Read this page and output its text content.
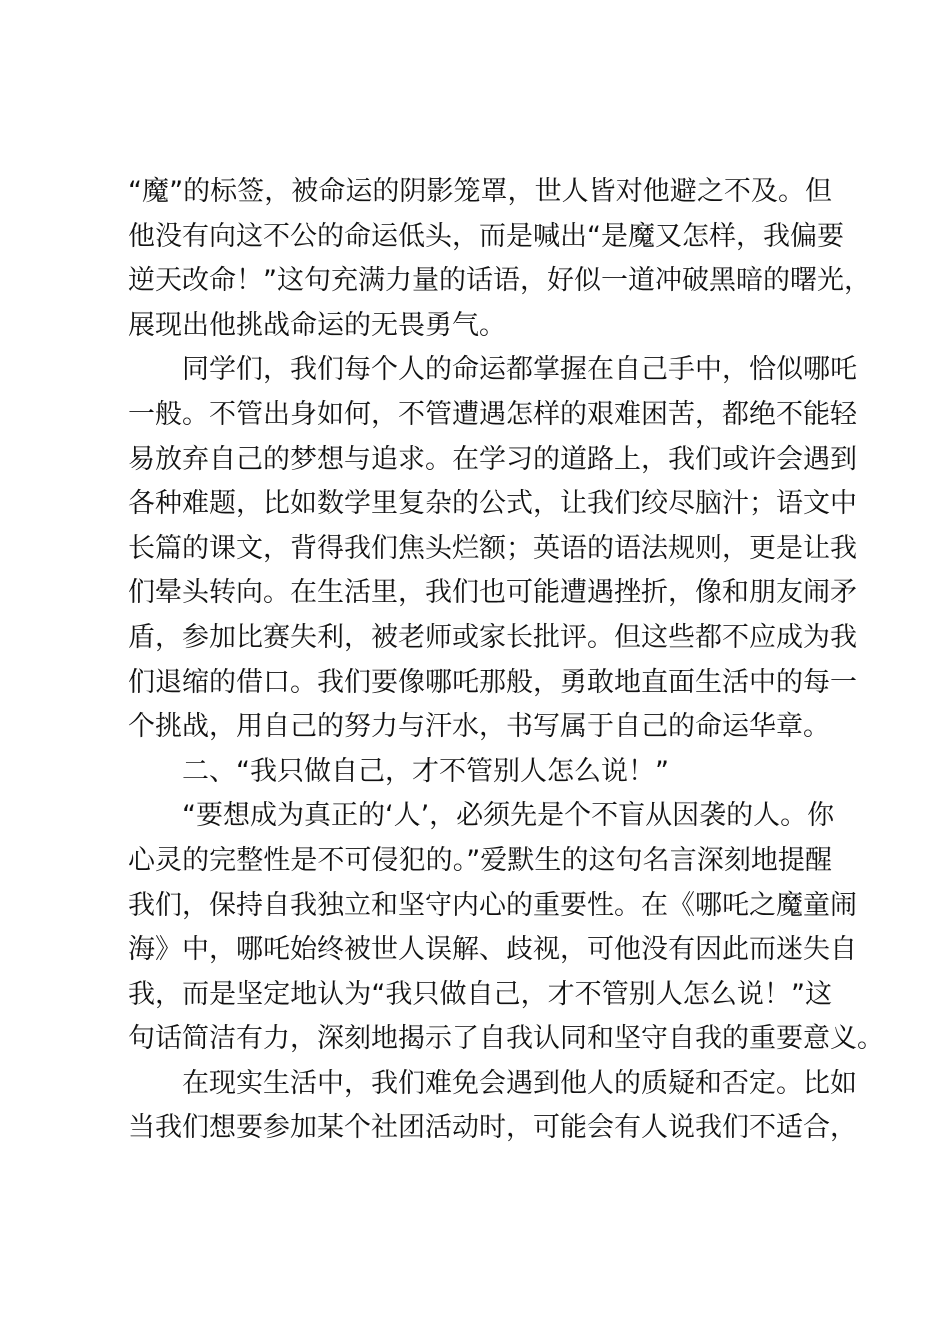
“魔”的标签，被命运的阴影笼罩，世人皆对他避之不及。但
他没有向这不公的命运低头，而是喊出“是魔又怎样，我偏要
逆天改命！”这句充满力量的话语，好似一道冲破黑暗的曙光，
展现出他挑战命运的无畏勇气。
　　同学们，我们每个人的命运都掌握在自己手中，恰似哪吒
一般。不管出身如何，不管遭遇怎样的艰难困苦，都绝不能轻
易放弃自己的梦想与追求。在学习的道路上，我们或许会遇到
各种难题，比如数学里复杂的公式，让我们绞尽脑汁；语文中
长篇的课文，背得我们焦头烂额；英语的语法规则，更是让我
们晕头转向。在生活里，我们也可能遭遇挫折，像和朋友闹矛
盾，参加比赛失利，被老师或家长批评。但这些都不应成为我
们退缩的借口。我们要像哪吒那般，勇敢地直面生活中的每一
个挑战，用自己的努力与汗水，书写属于自己的命运华章。
　　二、“我只做自己，才不管别人怎么说！”
　　“要想成为真正的‘人’，必须先是个不盲从因袭的人。你
心灵的完整性是不可侵犯的。”爱默生的这句名言深刻地提醒
我们，保持自我独立和坚守内心的重要性。在《哪吒之魔童闹
海》中，哪吒始终被世人误解、歧视，可他没有因此而迷失自
我，而是坚定地认为“我只做自己，才不管别人怎么说！”这
句话简洁有力，深刻地揭示了自我认同和坚守自我的重要意义。
　　在现实生活中，我们难免会遇到他人的质疑和否定。比如
当我们想要参加某个社团活动时，可能会有人说我们不适合，
